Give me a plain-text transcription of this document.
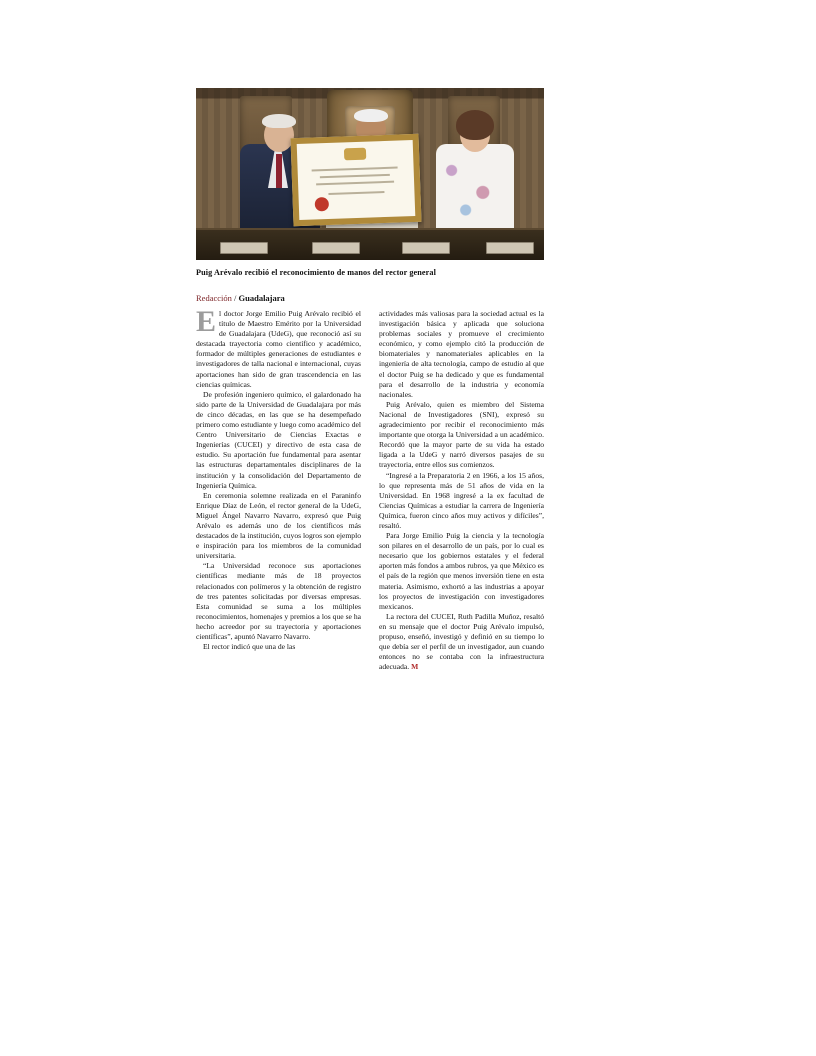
Puig Arévalo recibió el reconocimiento de manos del rector general
Redacción / Guadalajara

El doctor Jorge Emilio Puig Arévalo recibió el título de Maestro Emérito por la Universidad de Guadalajara (UdeG), que reconoció así su destacada trayectoria como científico y académico, formador de múltiples generaciones de estudiantes e investigadores de talla nacional e internacional, cuyas aportaciones han sido de gran trascendencia en las ciencias químicas.

De profesión ingeniero químico, el galardonado ha sido parte de la Universidad de Guadalajara por más de cinco décadas, en las que se ha desempeñado primero como estudiante y luego como académico del Centro Universitario de Ciencias Exactas e Ingenierías (CUCEI) y directivo de esta casa de estudio. Su aportación fue fundamental para asentar las estructuras departamentales disciplinares de la institución y la consolidación del Departamento de Ingeniería Química.

En ceremonia solemne realizada en el Paraninfo Enrique Díaz de León, el rector general de la UdeG, Miguel Ángel Navarro Navarro, expresó que Puig Arévalo es además uno de los científicos más destacados de la institución, cuyos logros son ejemplo e inspiración para los miembros de la comunidad universitaria.

“La Universidad reconoce sus aportaciones científicas mediante más de 18 proyectos relacionados con polímeros y la obtención de registro de tres patentes solicitadas por diversas empresas. Esta comunidad se suma a los múltiples reconocimientos, homenajes y premios a los que se ha hecho acreedor por su trayectoria y aportaciones científicas”, apuntó Navarro Navarro.

El rector indicó que una de las

actividades más valiosas para la sociedad actual es la investigación básica y aplicada que soluciona problemas sociales y promueve el crecimiento económico, y como ejemplo citó la producción de biomateriales y nanomateriales aplicables en la ingeniería de alta tecnología, campo de estudio al que el doctor Puig se ha dedicado y que es fundamental para el desarrollo de la industria y economía nacionales.

Puig Arévalo, quien es miembro del Sistema Nacional de Investigadores (SNI), expresó su agradecimiento por recibir el reconocimiento más importante que otorga la Universidad a un académico. Recordó que la mayor parte de su vida ha estado ligada a la UdeG y narró diversos pasajes de su trayectoria, entre ellos sus comienzos.

“Ingresé a la Preparatoria 2 en 1966, a los 15 años, lo que representa más de 51 años de vida en la Universidad. En 1968 ingresé a la ex facultad de Ciencias Químicas a estudiar la carrera de Ingeniería Química, fueron cinco años muy activos y difíciles”, resaltó.

Para Jorge Emilio Puig la ciencia y la tecnología son pilares en el desarrollo de un país, por lo cual es necesario que los gobiernos estatales y el federal aporten más fondos a ambos rubros, ya que México es el país de la región que menos inversión tiene en esta materia. Asimismo, exhortó a las industrias a apoyar los proyectos de investigación con investigadores mexicanos.

La rectora del CUCEI, Ruth Padilla Muñoz, resaltó en su mensaje que el doctor Puig Arévalo impulsó, propuso, enseñó, investigó y definió en su tiempo lo que debía ser el perfil de un investigador, aun cuando entonces no se contaba con la infraestructura adecuada. M
